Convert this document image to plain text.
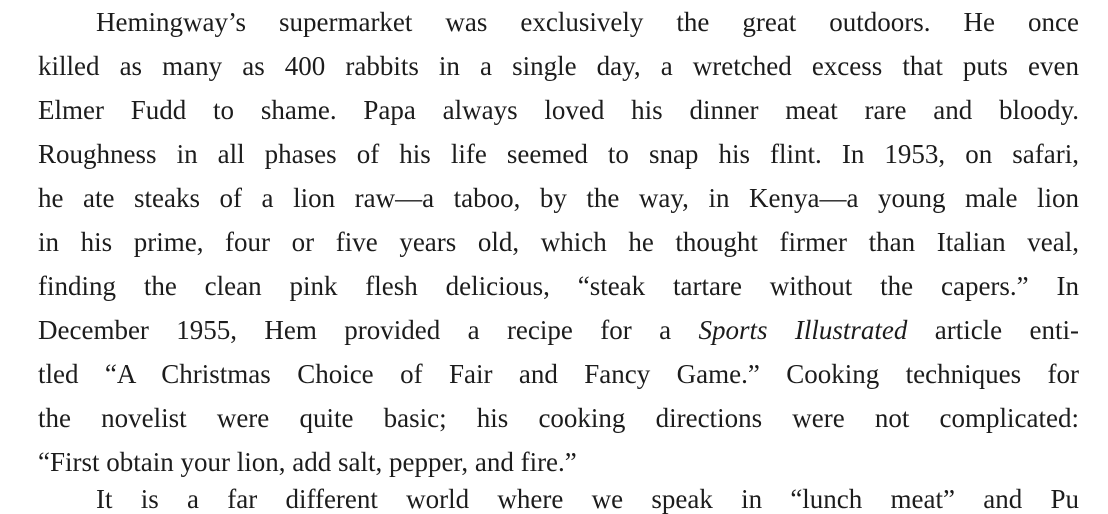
Hemingway’s supermarket was exclusively the great outdoors. He once

killed as many as 400 rabbits in a single day, a wretched excess that puts even

Elmer Fudd to shame. Papa always loved his dinner meat rare and bloody.

Roughness in all phases of his life seemed to snap his flint. In 1953, on safari,

he ate steaks of a lion raw—a taboo, by the way, in Kenya—a young male lion

in his prime, four or five years old, which he thought firmer than Italian veal,

finding the clean pink flesh delicious, “steak tartare without the capers.” In

December 1955, Hem provided a recipe for a Sports Illustrated article enti-

tled “A Christmas Choice of Fair and Fancy Game.” Cooking techniques for

the novelist were quite basic; his cooking directions were not complicated:

“First obtain your lion, add salt, pepper, and fire.”

It is a far different world where we speak in “lunch meat” and Pu
